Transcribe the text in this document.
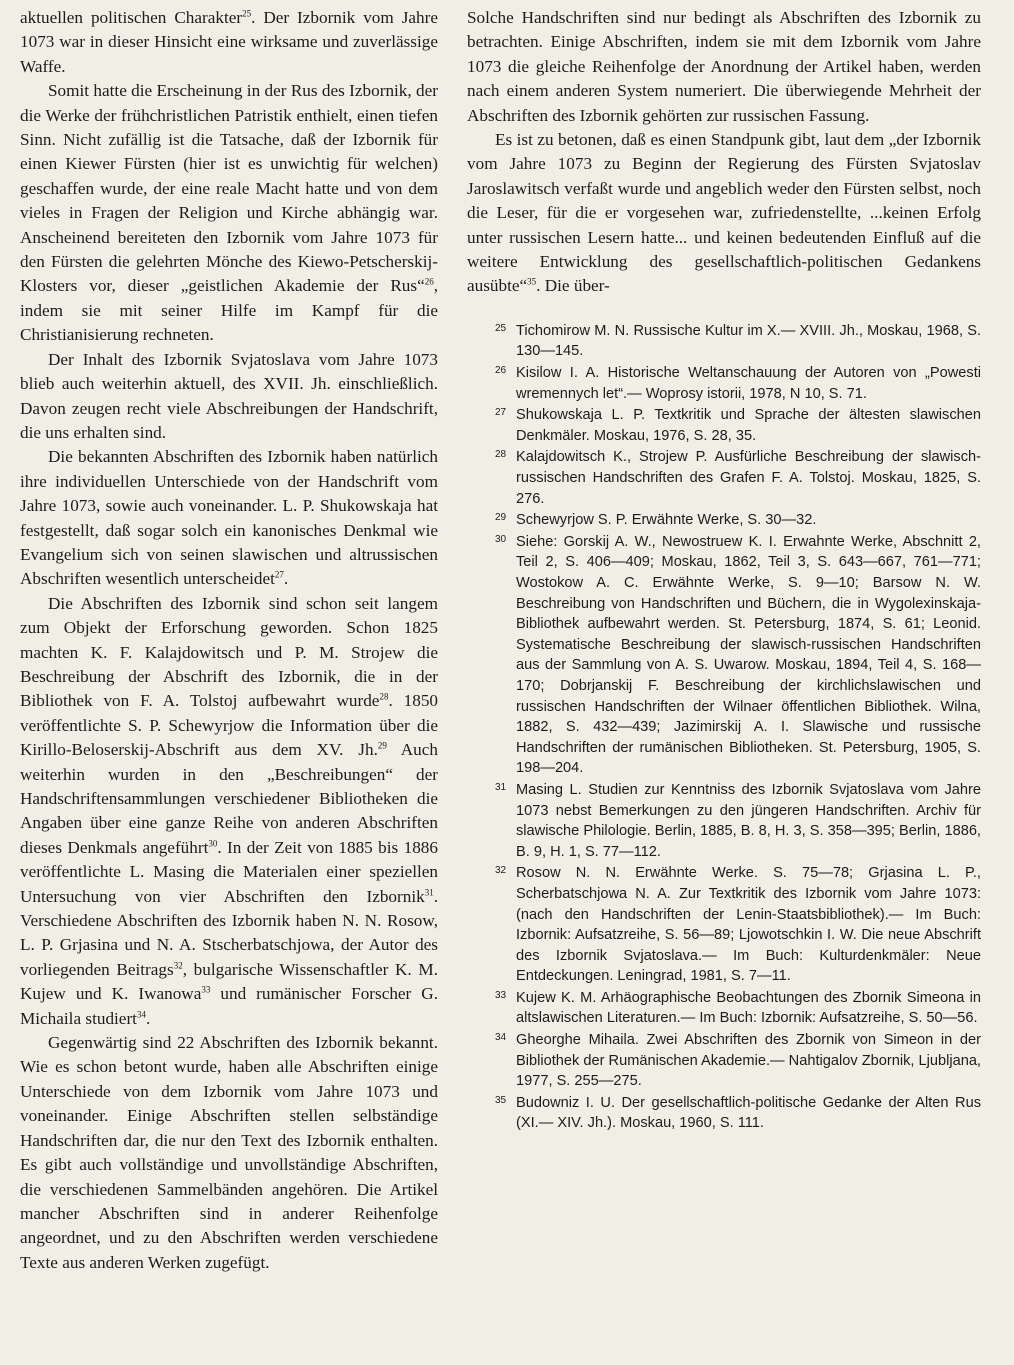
aktuellen politischen Charakter$^{25}$. Der Izbornik vom Jahre 1073 war in dieser Hinsicht eine wirksame und zuverlässige Waffe.

Somit hatte die Erscheinung in der Rus des Izbornik, der die Werke der frühchristlichen Patristik enthielt, einen tiefen Sinn. Nicht zufällig ist die Tatsache, daß der Izbornik für einen Kiewer Fürsten (hier ist es unwichtig für welchen) geschaffen wurde, der eine reale Macht hatte und von dem vieles in Fragen der Religion und Kirche abhängig war. Anscheinend bereiteten den Izbornik vom Jahre 1073 für den Fürsten die gelehrten Mönche des Kiewo-Petscherskij-Klosters vor, dieser „geistlichen Akademie der Rus“$^{26}$, indem sie mit seiner Hilfe im Kampf für die Christianisierung rechneten.

Der Inhalt des Izbornik Svjatoslava vom Jahre 1073 blieb auch weiterhin aktuell, des XVII. Jh. einschließlich. Davon zeugen recht viele Abschreibungen der Handschrift, die uns erhalten sind.

Die bekannten Abschriften des Izbornik haben natürlich ihre individuellen Unterschiede von der Handschrift vom Jahre 1073, sowie auch voneinander. L. P. Shukowskaja hat festgestellt, daß sogar solch ein kanonisches Denkmal wie Evangelium sich von seinen slawischen und altrussischen Abschriften wesentlich unterscheidet$^{27}$.

Die Abschriften des Izbornik sind schon seit langem zum Objekt der Erforschung geworden. Schon 1825 machten K. F. Kalajdowitsch und P. M. Strojew die Beschreibung der Abschrift des Izbornik, die in der Bibliothek von F. A. Tolstoj aufbewahrt wurde$^{28}$. 1850 veröffentlichte S. P. Schewyrjow die Information über die Kirillo-Beloserskij-Abschrift aus dem XV. Jh.$^{29}$ Auch weiterhin wurden in den „Beschreibungen“ der Handschriftensammlungen verschiedener Bibliotheken die Angaben über eine ganze Reihe von anderen Abschriften dieses Denkmals angeführt$^{30}$. In der Zeit von 1885 bis 1886 veröffentlichte L. Masing die Materialen einer speziellen Untersuchung von vier Abschriften den Izbornik$^{31}$. Verschiedene Abschriften des Izbornik haben N. N. Rosow, L. P. Grjasina und N. A. Stscherbatschjowa, der Autor des vorliegenden Beitrags$^{32}$, bulgarische Wissenschaftler K. M. Kujew und K. Iwanowa$^{33}$ und rumänischer Forscher G. Michaila studiert$^{34}$.

Gegenwärtig sind 22 Abschriften des Izbornik bekannt. Wie es schon betont wurde, haben alle Abschriften einige Unterschiede von dem Izbornik vom Jahre 1073 und voneinander. Einige Abschriften stellen selbständige Handschriften dar, die nur den Text des Izbornik enthalten. Es gibt auch vollständige und unvollständige Abschriften, die verschiedenen Sammelbänden angehören. Die Artikel mancher Abschriften sind in anderer Reihenfolge angeordnet, und zu den Abschriften werden verschiedene Texte aus anderen Werken zugefügt.

Solche Handschriften sind nur bedingt als Abschriften des Izbornik zu betrachten. Einige Abschriften, indem sie mit dem Izbornik vom Jahre 1073 die gleiche Reihenfolge der Anordnung der Artikel haben, werden nach einem anderen System numeriert. Die überwiegende Mehrheit der Abschriften des Izbornik gehörten zur russischen Fassung.

Es ist zu betonen, daß es einen Standpunk gibt, laut dem „der Izbornik vom Jahre 1073 zu Beginn der Regierung des Fürsten Svjatoslav Jaroslawitsch verfaßt wurde und angeblich weder den Fürsten selbst, noch die Leser, für die er vorgesehen war, zufriedenstellte, ...keinen Erfolg unter russischen Lesern hatte... und keinen bedeutenden Einfluß auf die weitere Entwicklung des gesellschaftlich-politischen Gedankens ausübte“$^{35}$. Die über-

25 Tichomirow M. N. Russische Kultur im X.— XVIII. Jh., Moskau, 1968, S. 130—145.
26 Kisilow I. A. Historische Weltanschauung der Autoren von „Powesti wremennych let“.— Woprosy istorii, 1978, N 10, S. 71.
27 Shukowskaja L. P. Textkritik und Sprache der ältesten slawischen Denkmäler. Moskau, 1976, S. 28, 35.
28 Kalajdowitsch K., Strojew P. Ausfürliche Beschreibung der slawisch-russischen Handschriften des Grafen F. A. Tolstoj. Moskau, 1825, S. 276.
29 Schewyrjow S. P. Erwähnte Werke, S. 30—32.
30 Siehe: Gorskij A. W., Newostruew K. I. Erwahnte Werke, Abschnitt 2, Teil 2, S. 406—409; Moskau, 1862, Teil 3, S. 643—667, 761—771; Wostokow A. C. Erwähnte Werke, S. 9—10; Barsow N. W. Beschreibung von Handschriften und Büchern, die in Wygolexinskaja-Bibliothek aufbewahrt werden. St. Petersburg, 1874, S. 61; Leonid. Systematische Beschreibung der slawisch-russischen Handschriften aus der Sammlung von A. S. Uwarow. Moskau, 1894, Teil 4, S. 168—170; Dobrjanskij F. Beschreibung der kirchlichslawischen und russischen Handschriften der Wilnaer öffentlichen Bibliothek. Wilna, 1882, S. 432—439; Jazimirskij A. I. Slawische und russische Handschriften der rumänischen Bibliotheken. St. Petersburg, 1905, S. 198—204.
31 Masing L. Studien zur Kenntniss des Izbornik Svjatoslava vom Jahre 1073 nebst Bemerkungen zu den jüngeren Handschriften. Archiv für slawische Philologie. Berlin, 1885, B. 8, H. 3, S. 358—395; Berlin, 1886, B. 9, H. 1, S. 77—112.
32 Rosow N. N. Erwähnte Werke. S. 75—78; Grjasina L. P., Scherbatschjowa N. A. Zur Textkritik des Izbornik vom Jahre 1073: (nach den Handschriften der Lenin-Staatsbibliothek).— Im Buch: Izbornik: Aufsatzreihe, S. 56—89; Ljowotschkin I. W. Die neue Abschrift des Izbornik Svjatoslava.— Im Buch: Kulturdenkmäler: Neue Entdeckungen. Leningrad, 1981, S. 7—11.
33 Kujew K. M. Arhäographische Beobachtungen des Zbornik Simeona in altslawischen Literaturen.— Im Buch: Izbornik: Aufsatzreihe, S. 50—56.
34 Gheorghe Mihaila. Zwei Abschriften des Zbornik von Simeon in der Bibliothek der Rumänischen Akademie.— Nahtigalov Zbornik, Ljubljana, 1977, S. 255—275.
35 Budowniz I. U. Der gesellschaftlich-politische Gedanke der Alten Rus (XI.— XIV. Jh.). Moskau, 1960, S. 111.
